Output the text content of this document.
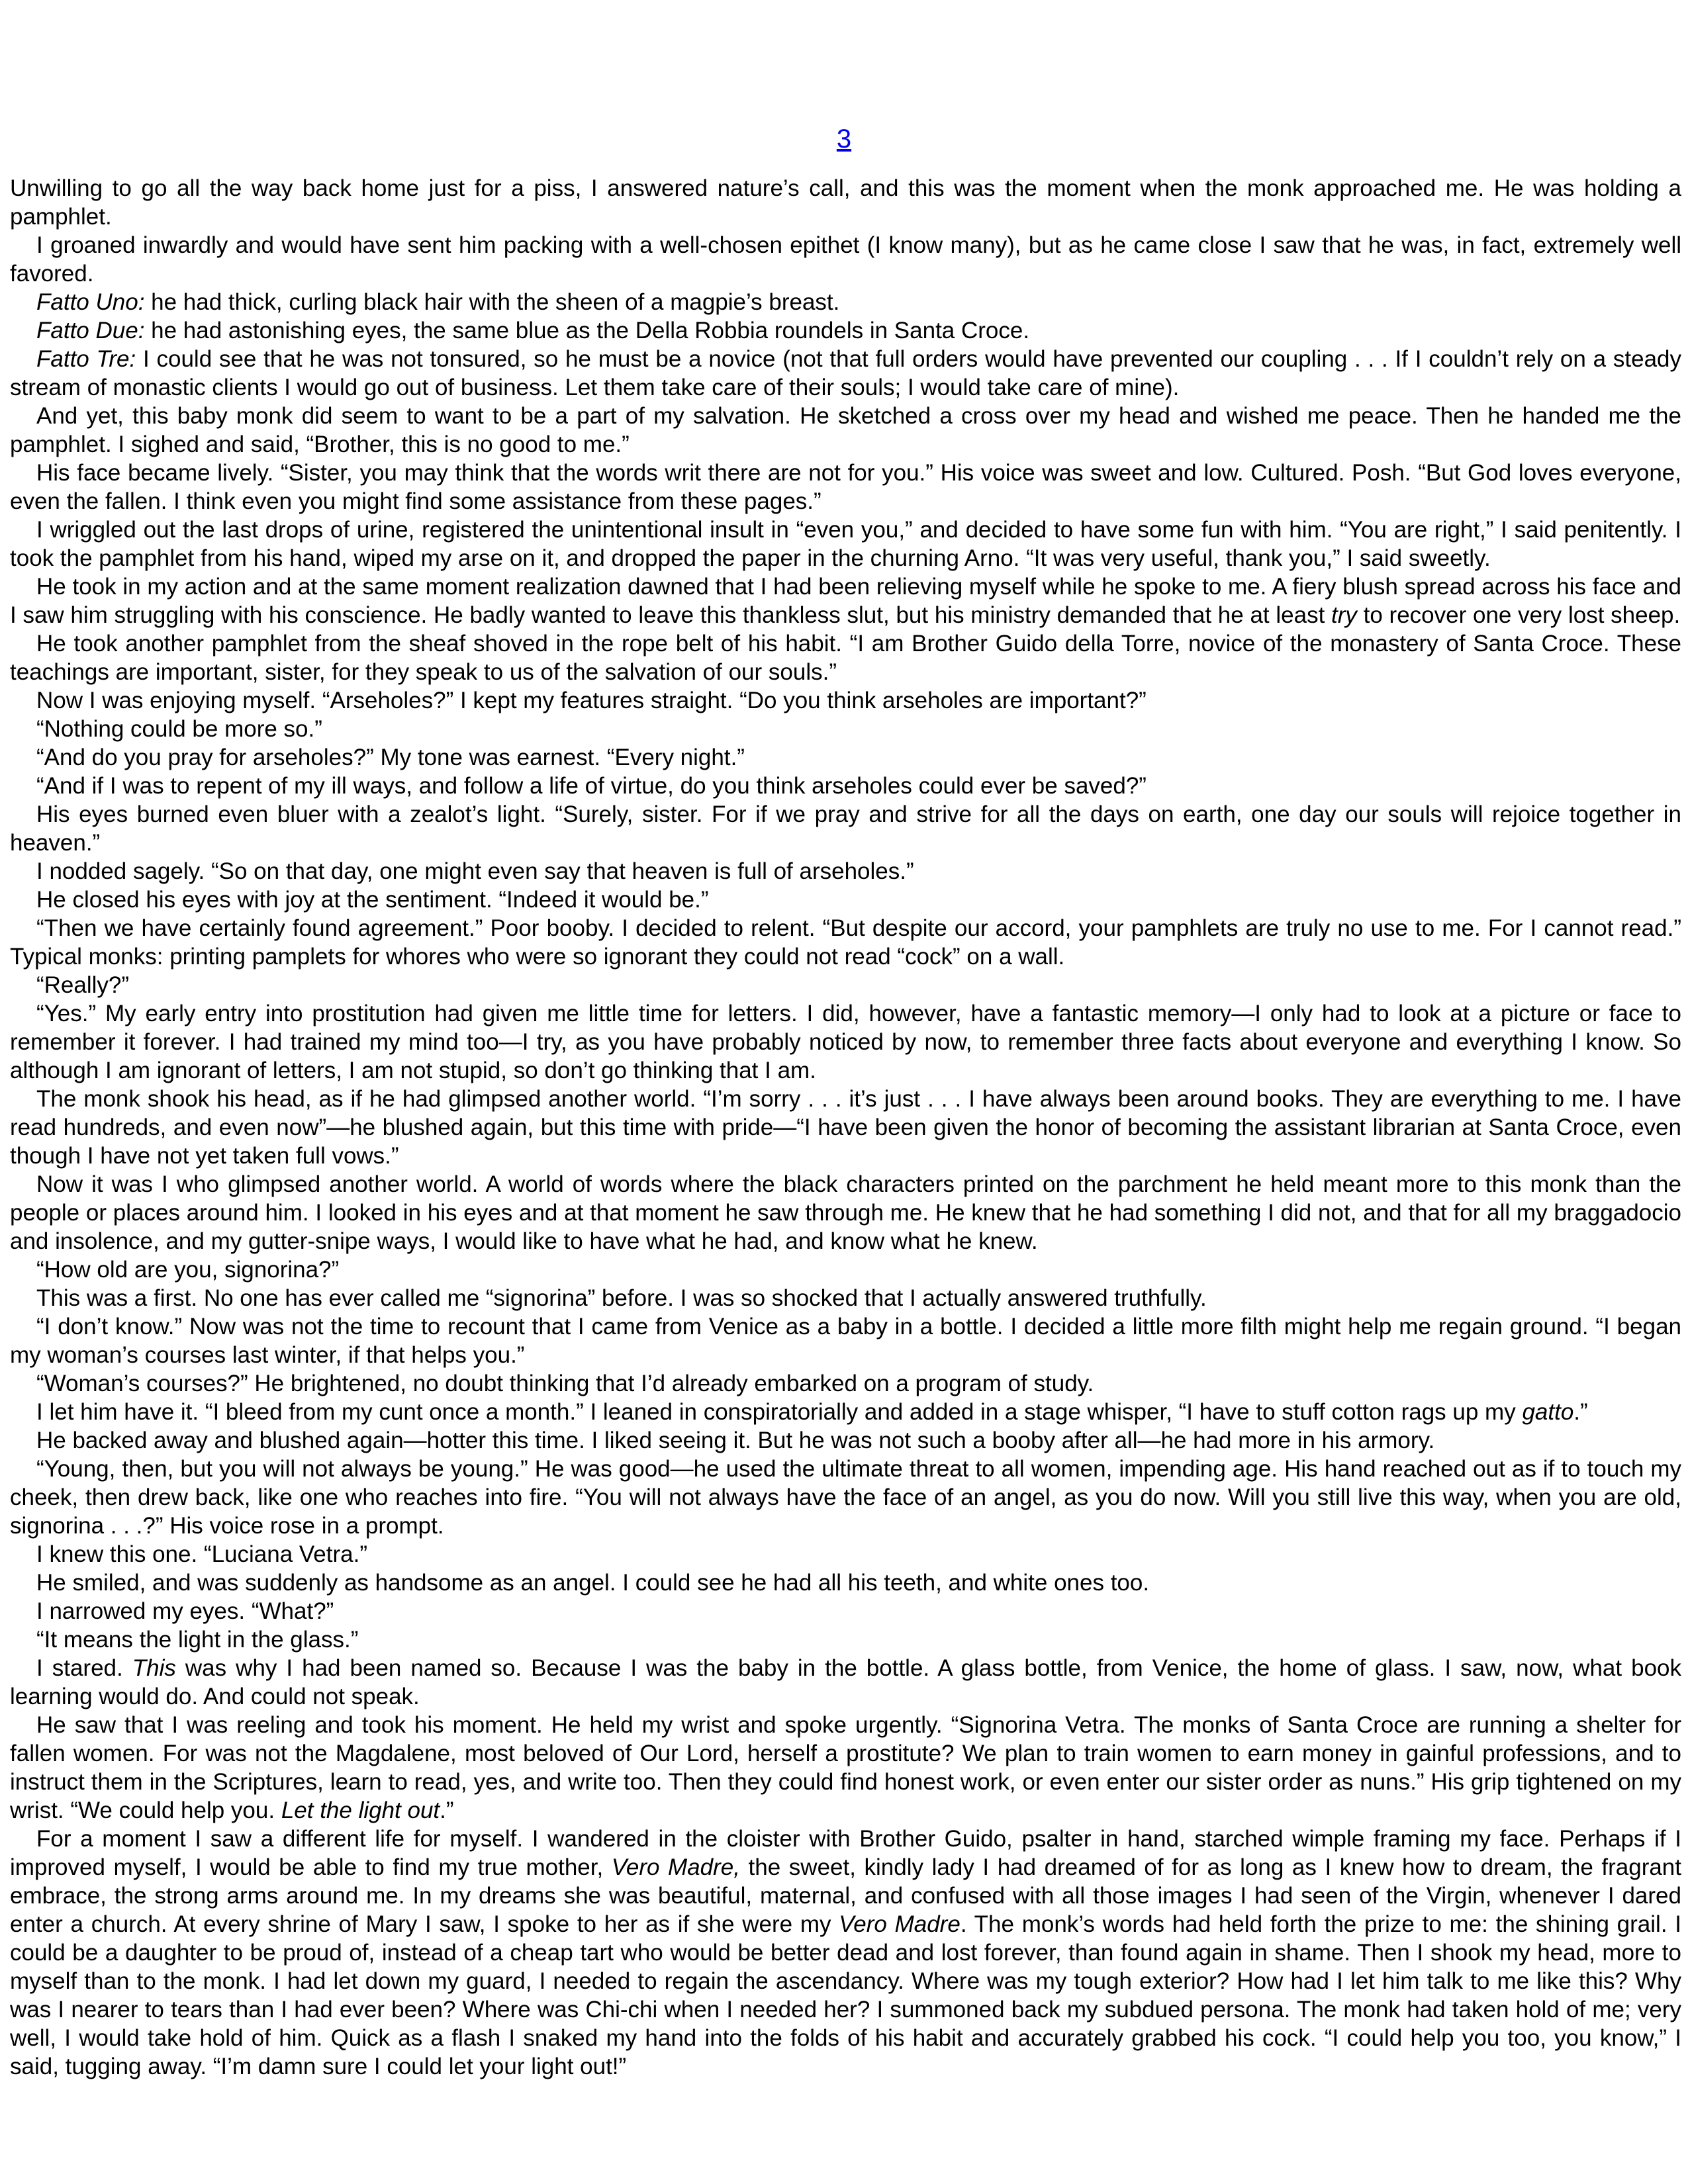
3

Unwilling to go all the way back home just for a piss, I answered nature’s call, and this was the moment when the monk approached me. He was holding a pamphlet.

I groaned inwardly and would have sent him packing with a well-chosen epithet (I know many), but as he came close I saw that he was, in fact, extremely well favored.

Fatto Uno: he had thick, curling black hair with the sheen of a magpie’s breast.

Fatto Due: he had astonishing eyes, the same blue as the Della Robbia roundels in Santa Croce.

Fatto Tre: I could see that he was not tonsured, so he must be a novice (not that full orders would have prevented our coupling . . . If I couldn’t rely on a steady stream of monastic clients I would go out of business. Let them take care of their souls; I would take care of mine).

And yet, this baby monk did seem to want to be a part of my salvation. He sketched a cross over my head and wished me peace. Then he handed me the pamphlet. I sighed and said, “Brother, this is no good to me.”

His face became lively. “Sister, you may think that the words writ there are not for you.” His voice was sweet and low. Cultured. Posh. “But God loves everyone, even the fallen. I think even you might find some assistance from these pages.”

I wriggled out the last drops of urine, registered the unintentional insult in “even you,” and decided to have some fun with him. “You are right,” I said penitently. I took the pamphlet from his hand, wiped my arse on it, and dropped the paper in the churning Arno. “It was very useful, thank you,” I said sweetly.

He took in my action and at the same moment realization dawned that I had been relieving myself while he spoke to me. A fiery blush spread across his face and I saw him struggling with his conscience. He badly wanted to leave this thankless slut, but his ministry demanded that he at least try to recover one very lost sheep.

He took another pamphlet from the sheaf shoved in the rope belt of his habit. “I am Brother Guido della Torre, novice of the monastery of Santa Croce. These teachings are important, sister, for they speak to us of the salvation of our souls.”

Now I was enjoying myself. “Arseholes?” I kept my features straight. “Do you think arseholes are important?”

“Nothing could be more so.”

“And do you pray for arseholes?” My tone was earnest. “Every night.”

“And if I was to repent of my ill ways, and follow a life of virtue, do you think arseholes could ever be saved?”

His eyes burned even bluer with a zealot’s light. “Surely, sister. For if we pray and strive for all the days on earth, one day our souls will rejoice together in heaven.”

I nodded sagely. “So on that day, one might even say that heaven is full of arseholes.”

He closed his eyes with joy at the sentiment. “Indeed it would be.”

“Then we have certainly found agreement.” Poor booby. I decided to relent. “But despite our accord, your pamphlets are truly no use to me. For I cannot read.” Typical monks: printing pamplets for whores who were so ignorant they could not read “cock” on a wall.

“Really?”

“Yes.” My early entry into prostitution had given me little time for letters. I did, however, have a fantastic memory—I only had to look at a picture or face to remember it forever. I had trained my mind too—I try, as you have probably noticed by now, to remember three facts about everyone and everything I know. So although I am ignorant of letters, I am not stupid, so don’t go thinking that I am.

The monk shook his head, as if he had glimpsed another world. “I’m sorry . . . it’s just . . . I have always been around books. They are everything to me. I have read hundreds, and even now”—he blushed again, but this time with pride—“I have been given the honor of becoming the assistant librarian at Santa Croce, even though I have not yet taken full vows.”

Now it was I who glimpsed another world. A world of words where the black characters printed on the parchment he held meant more to this monk than the people or places around him. I looked in his eyes and at that moment he saw through me. He knew that he had something I did not, and that for all my braggadocio and insolence, and my gutter-snipe ways, I would like to have what he had, and know what he knew.

“How old are you, signorina?”

This was a first. No one has ever called me “signorina” before. I was so shocked that I actually answered truthfully.

“I don’t know.” Now was not the time to recount that I came from Venice as a baby in a bottle. I decided a little more filth might help me regain ground. “I began my woman’s courses last winter, if that helps you.”

“Woman’s courses?” He brightened, no doubt thinking that I’d already embarked on a program of study.

I let him have it. “I bleed from my cunt once a month.” I leaned in conspiratorially and added in a stage whisper, “I have to stuff cotton rags up my gatto.”

He backed away and blushed again—hotter this time. I liked seeing it. But he was not such a booby after all—he had more in his armory.

“Young, then, but you will not always be young.” He was good—he used the ultimate threat to all women, impending age. His hand reached out as if to touch my cheek, then drew back, like one who reaches into fire. “You will not always have the face of an angel, as you do now. Will you still live this way, when you are old, signorina . . .?” His voice rose in a prompt.

I knew this one. “Luciana Vetra.”

He smiled, and was suddenly as handsome as an angel. I could see he had all his teeth, and white ones too.

I narrowed my eyes. “What?”

“It means the light in the glass.”

I stared. This was why I had been named so. Because I was the baby in the bottle. A glass bottle, from Venice, the home of glass. I saw, now, what book learning would do. And could not speak.

He saw that I was reeling and took his moment. He held my wrist and spoke urgently. “Signorina Vetra. The monks of Santa Croce are running a shelter for fallen women. For was not the Magdalene, most beloved of Our Lord, herself a prostitute? We plan to train women to earn money in gainful professions, and to instruct them in the Scriptures, learn to read, yes, and write too. Then they could find honest work, or even enter our sister order as nuns.” His grip tightened on my wrist. “We could help you. Let the light out.”

For a moment I saw a different life for myself. I wandered in the cloister with Brother Guido, psalter in hand, starched wimple framing my face. Perhaps if I improved myself, I would be able to find my true mother, Vero Madre, the sweet, kindly lady I had dreamed of for as long as I knew how to dream, the fragrant embrace, the strong arms around me. In my dreams she was beautiful, maternal, and confused with all those images I had seen of the Virgin, whenever I dared enter a church. At every shrine of Mary I saw, I spoke to her as if she were my Vero Madre. The monk’s words had held forth the prize to me: the shining grail. I could be a daughter to be proud of, instead of a cheap tart who would be better dead and lost forever, than found again in shame. Then I shook my head, more to myself than to the monk. I had let down my guard, I needed to regain the ascendancy. Where was my tough exterior? How had I let him talk to me like this? Why was I nearer to tears than I had ever been? Where was Chi-chi when I needed her? I summoned back my subdued persona. The monk had taken hold of me; very well, I would take hold of him. Quick as a flash I snaked my hand into the folds of his habit and accurately grabbed his cock. “I could help you too, you know,” I said, tugging away. “I’m damn sure I could let your light out!”
